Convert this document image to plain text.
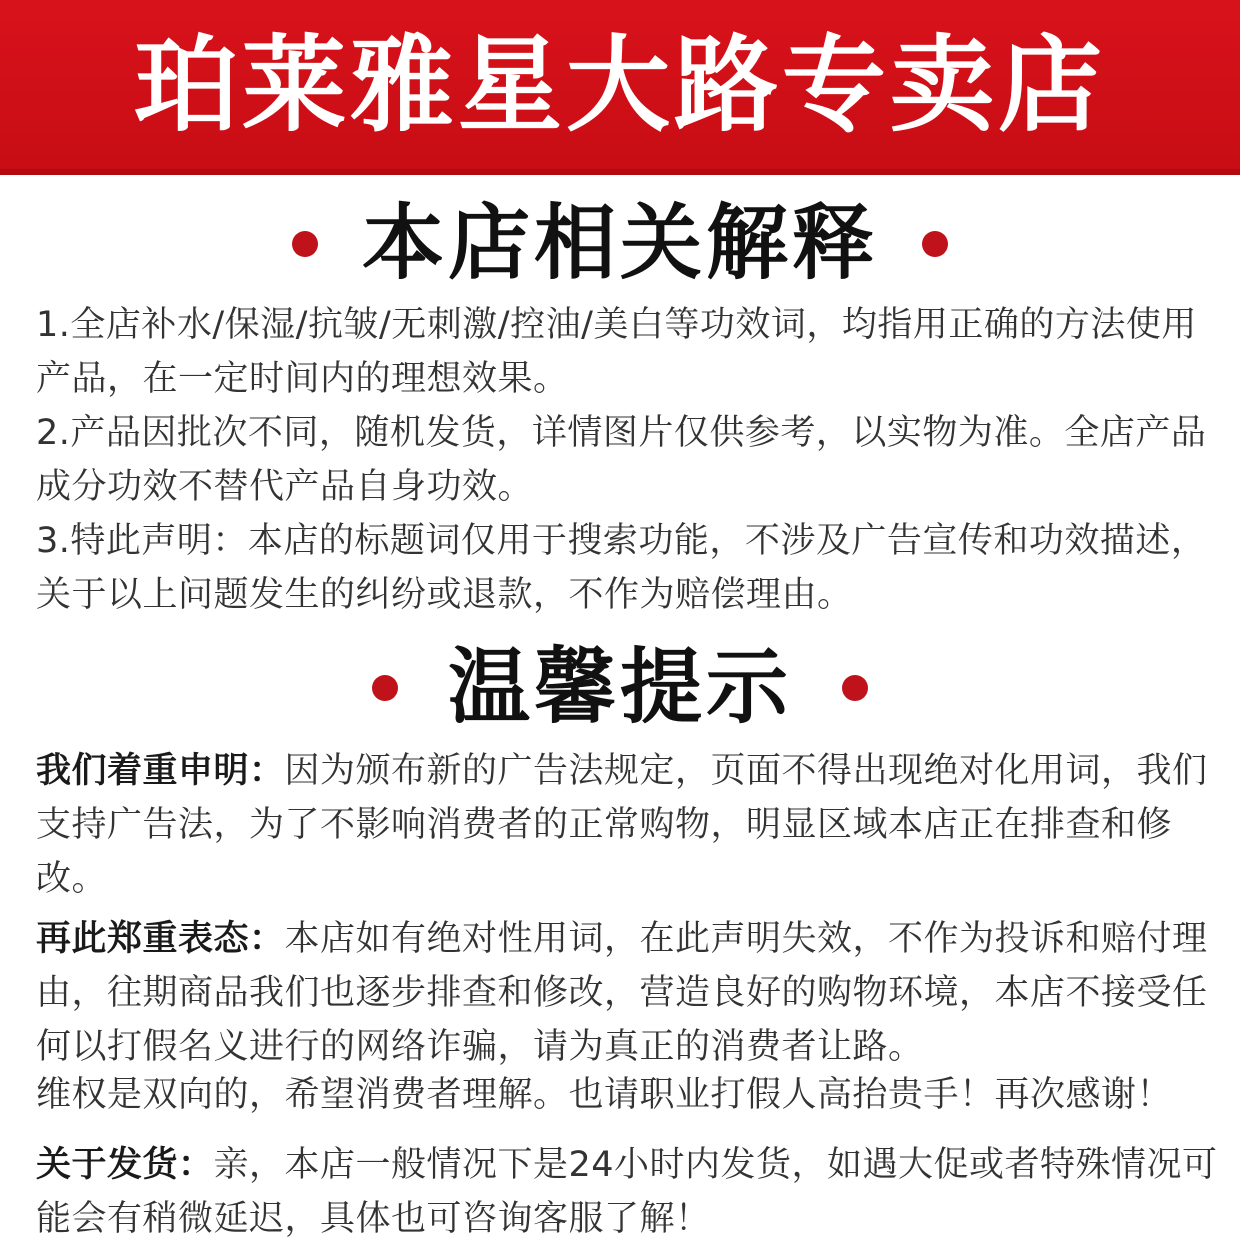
珀莱雅星大路专卖店
本店相关解释

1.全店补水/保湿/抗皱/无刺激/控油/美白等功效词，均指用正确的方法使用产品，在一定时间内的理想效果。

2.产品因批次不同，随机发货，详情图片仅供参考，以实物为准。全店产品成分功效不替代产品自身功效。

3.特此声明：本店的标题词仅用于搜索功能，不涉及广告宣传和功效描述，关于以上问题发生的纠纷或退款，不作为赔偿理由。

温馨提示

我们着重申明：因为颁布新的广告法规定，页面不得出现绝对化用词，我们支持广告法，为了不影响消费者的正常购物，明显区域本店正在排查和修改。

再此郑重表态：本店如有绝对性用词，在此声明失效，不作为投诉和赔付理由，往期商品我们也逐步排查和修改，营造良好的购物环境，本店不接受任何以打假名义进行的网络诈骗，请为真正的消费者让路。

维权是双向的，希望消费者理解。也请职业打假人高抬贵手！再次感谢！

关于发货：亲，本店一般情况下是24小时内发货，如遇大促或者特殊情况可能会有稍微延迟，具体也可咨询客服了解！
